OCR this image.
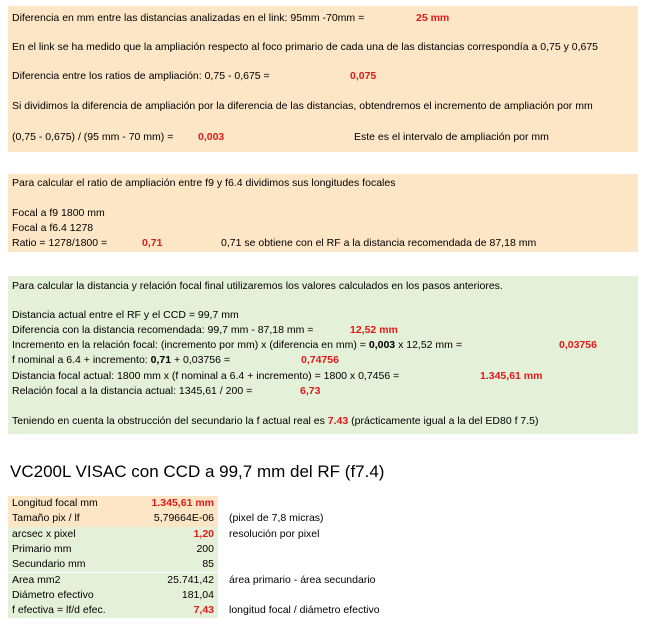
Diferencia en mm entre las distancias analizadas en el link: 95mm -70mm =	25 mm
En el link se ha medido que la ampliación respecto al foco primario de cada una de las distancias correspondía a 0,75 y 0,675
Diferencia entre los ratios de ampliación: 0,75 - 0,675 =	0,075
Si dividimos la diferencia de ampliación por la diferencia de las distancias, obtendremos el incremento de ampliación por mm
(0,75 - 0,675) / (95 mm - 70 mm) = 0,003	Este es el intervalo de ampliación por mm
Para calcular el ratio de ampliación entre f9 y f6.4 dividimos sus longitudes focales
Focal a f9 1800 mm
Focal a f6.4 1278
Ratio = 1278/1800 =	0,71	0,71 se obtiene con el RF a la distancia recomendada de 87,18 mm
Para calcular la distancia y relación focal final utilizaremos los valores calculados en los pasos anteriores.
Distancia actual entre el RF y el CCD = 99,7 mm
Diferencia con la distancia recomendada: 99,7 mm - 87,18 mm =	12,52 mm
Incremento en la relación focal: (incremento por mm) x (diferencia en mm) = 0,003 x 12,52 mm =	0,03756
f nominal a 6.4 + incremento: 0,71 + 0,03756 =	0,74756
Distancia focal actual: 1800 mm x (f nominal a 6.4 + incremento) = 1800 x 0,7456 =	1.345,61 mm
Relación focal a la distancia actual: 1345,61 / 200 =	6,73
Teniendo en cuenta la obstrucción del secundario la f actual real es 7.43 (prácticamente igual a la del ED80 f 7.5)
VC200L VISAC con CCD a 99,7 mm del RF (f7.4)
Longitud focal mm	1.345,61 mm
Tamaño pix / lf	5,79664E-06 (pixel de 7,8 micras)
arcsec x pixel	1,20 resolución por pixel
Primario mm	200
Secundario mm	85
Area mm2	25.741,42 área primario - área secundario
Diámetro efectivo	181,04
f efectiva = lf/d efec.	7,43 longitud focal / diámetro efectivo
